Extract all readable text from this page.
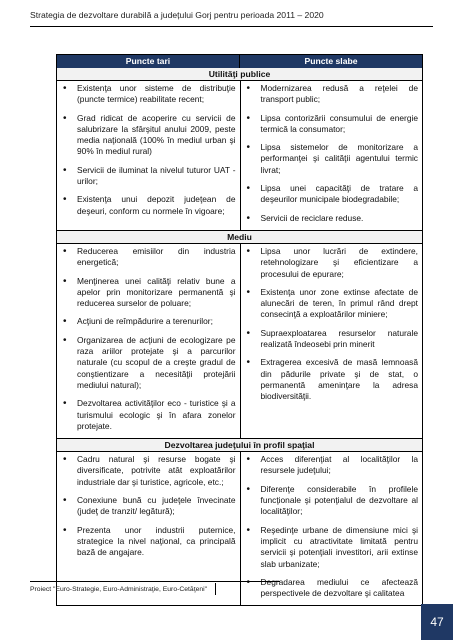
Strategia de dezvoltare durabilă a județului Gorj pentru perioada 2011 – 2020
Puncte tari	Puncte slabe
Utilităţi publice
• Existenţa unor sisteme de distribuţie (puncte termice) reabilitate recent;
• Grad ridicat de acoperire cu servicii de salubrizare la sfârşitul anului 2009, peste media naţională (100% în mediul urban şi 90% în mediul rural)
• Servicii de iluminat la nivelul tuturor UAT - urilor;
• Existenţa unui depozit judeţean de deşeuri, conform cu normele în vigoare;
• Modernizarea redusă a reţelei de transport public;
• Lipsa contorizării consumului de energie termică la consumator;
• Lipsa sistemelor de monitorizare a performanţei şi calităţii agentului termic livrat;
• Lipsa unei capacităţi de tratare a deşeurilor municipale biodegradabile;
• Servicii de reciclare reduse.
Mediu
• Reducerea emisiilor din industria energetică;
• Menţinerea unei calităţi relativ bune a apelor prin monitorizare permanentă şi reducerea surselor de poluare;
• Acţiuni de reîmpădurire a terenurilor;
• Organizarea de acţiuni de ecologizare pe raza ariilor protejate şi a parcurilor naturale (cu scopul de a creşte gradul de conştientizare a necesităţii protejării mediului natural);
• Dezvoltarea activităţilor eco - turistice şi a turismului ecologic şi în afara zonelor protejate.
• Lipsa unor lucrări de extindere, retehnologizare şi eficientizare a procesului de epurare;
• Existenţa unor zone extinse afectate de alunecări de teren, în primul rând drept consecinţă a exploatărilor miniere;
• Supraexploatarea resurselor naturale realizată îndeosebi prin minerit
• Extragerea excesivă de masă lemnoasă din pădurile private şi de stat, o permanentă ameninţare la adresa biodiversităţii.
Dezvoltarea judeţului în profil spaţial
• Cadru natural şi resurse bogate şi diversificate, potrivite atât exploatărilor industriale dar şi turistice, agricole, etc.;
• Conexiune bună cu judeţele învecinate (judeţ de tranzit/ legătură);
• Prezenta unor industrii puternice, strategice la nivel naţional, ca principală bază de angajare.
• Acces diferenţiat al localităţilor la resursele judeţului;
• Diferenţe considerabile în profilele funcţionale şi potenţialul de dezvoltare al localităţilor;
• Reşedinţe urbane de dimensiune mici şi implicit cu atractivitate limitată pentru servicii şi potenţiali investitori, arii extinse slab urbanizate;
• Degradarea mediului ce afectează perspectivele de dezvoltare şi calitatea
Proiect "Euro-Strategie, Euro-Administraţie, Euro-Cetăţeni"
47
